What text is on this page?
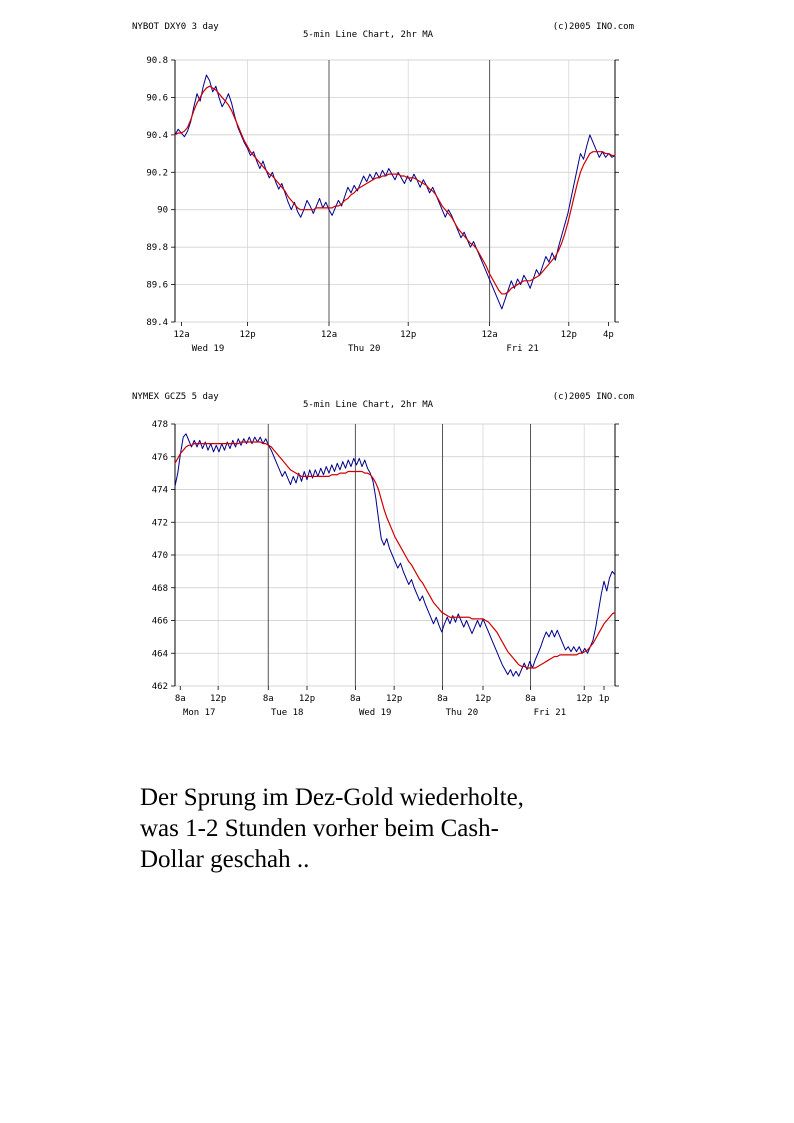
NYBOT DXY0 3 day
5-min Line Chart, 2hr MA
(c)2005 INO.com
90.8
90.6
90.4
90.2
90
89.8
89.6
89.4
12a	12p	12a	12p	12a	12p	4p
Wed 19	Thu 20	Fri 21
NYMEX GCZ5 5 day
5-min Line Chart, 2hr MA
(c)2005 INO.com
478
476
474
472
470
468
466
464
462
8a	12p	8a	12p	8a	12p	8a	12p	8a	12p 1p
Mon 17	Tue 18	Wed 19	Thu 20	Fri 21
Der Sprung im Dez-Gold wiederholte,
was 1-2 Stunden vorher beim Cash-
Dollar geschah ..
